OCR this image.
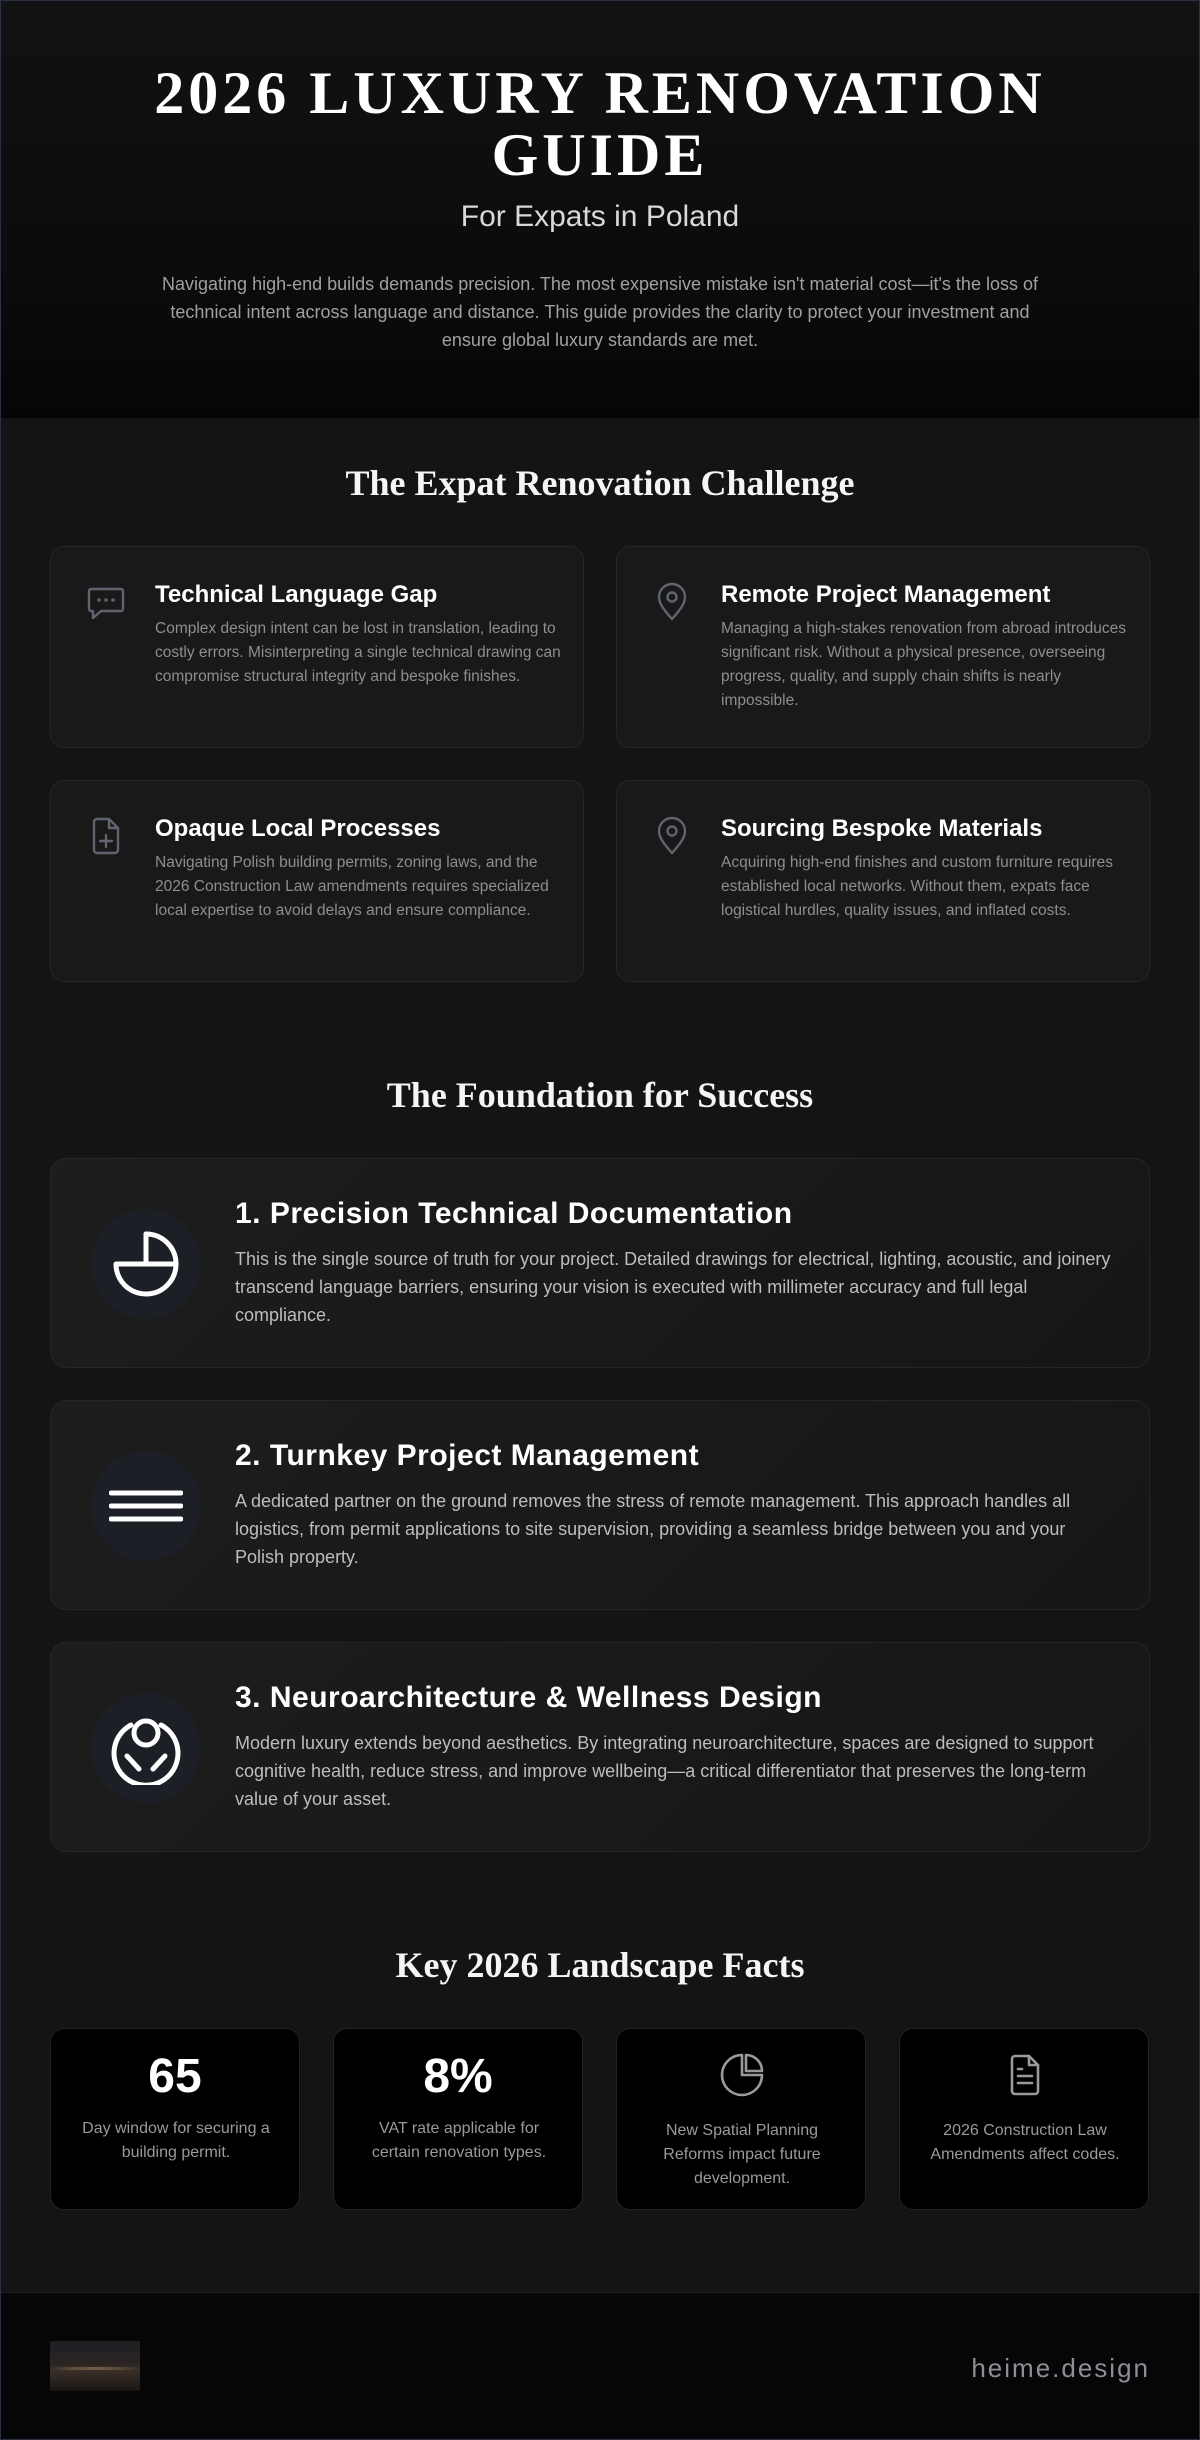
2026 LUXURY RENOVATION GUIDE
For Expats in Poland

Navigating high-end builds demands precision. The most expensive mistake isn't material cost—it's the loss of technical intent across language and distance. This guide provides the clarity to protect your investment and ensure global luxury standards are met.

The Expat Renovation Challenge
Technical Language Gap
Complex design intent can be lost in translation, leading to costly errors. Misinterpreting a single technical drawing can compromise structural integrity and bespoke finishes.
Remote Project Management
Managing a high-stakes renovation from abroad introduces significant risk. Without a physical presence, overseeing progress, quality, and supply chain shifts is nearly impossible.
Opaque Local Processes
Navigating Polish building permits, zoning laws, and the 2026 Construction Law amendments requires specialized local expertise to avoid delays and ensure compliance.
Sourcing Bespoke Materials
Acquiring high-end finishes and custom furniture requires established local networks. Without them, expats face logistical hurdles, quality issues, and inflated costs.
The Foundation for Success
1. Precision Technical Documentation
This is the single source of truth for your project. Detailed drawings for electrical, lighting, acoustic, and joinery transcend language barriers, ensuring your vision is executed with millimeter accuracy and full legal compliance.
2. Turnkey Project Management
A dedicated partner on the ground removes the stress of remote management. This approach handles all logistics, from permit applications to site supervision, providing a seamless bridge between you and your Polish property.
3. Neuroarchitecture & Wellness Design
Modern luxury extends beyond aesthetics. By integrating neuroarchitecture, spaces are designed to support cognitive health, reduce stress, and improve wellbeing—a critical differentiator that preserves the long-term value of your asset.
Key 2026 Landscape Facts
65
Day window for securing a building permit.
8%
VAT rate applicable for certain renovation types.
New Spatial Planning Reforms impact future development.
2026 Construction Law Amendments affect codes.
heime.design
